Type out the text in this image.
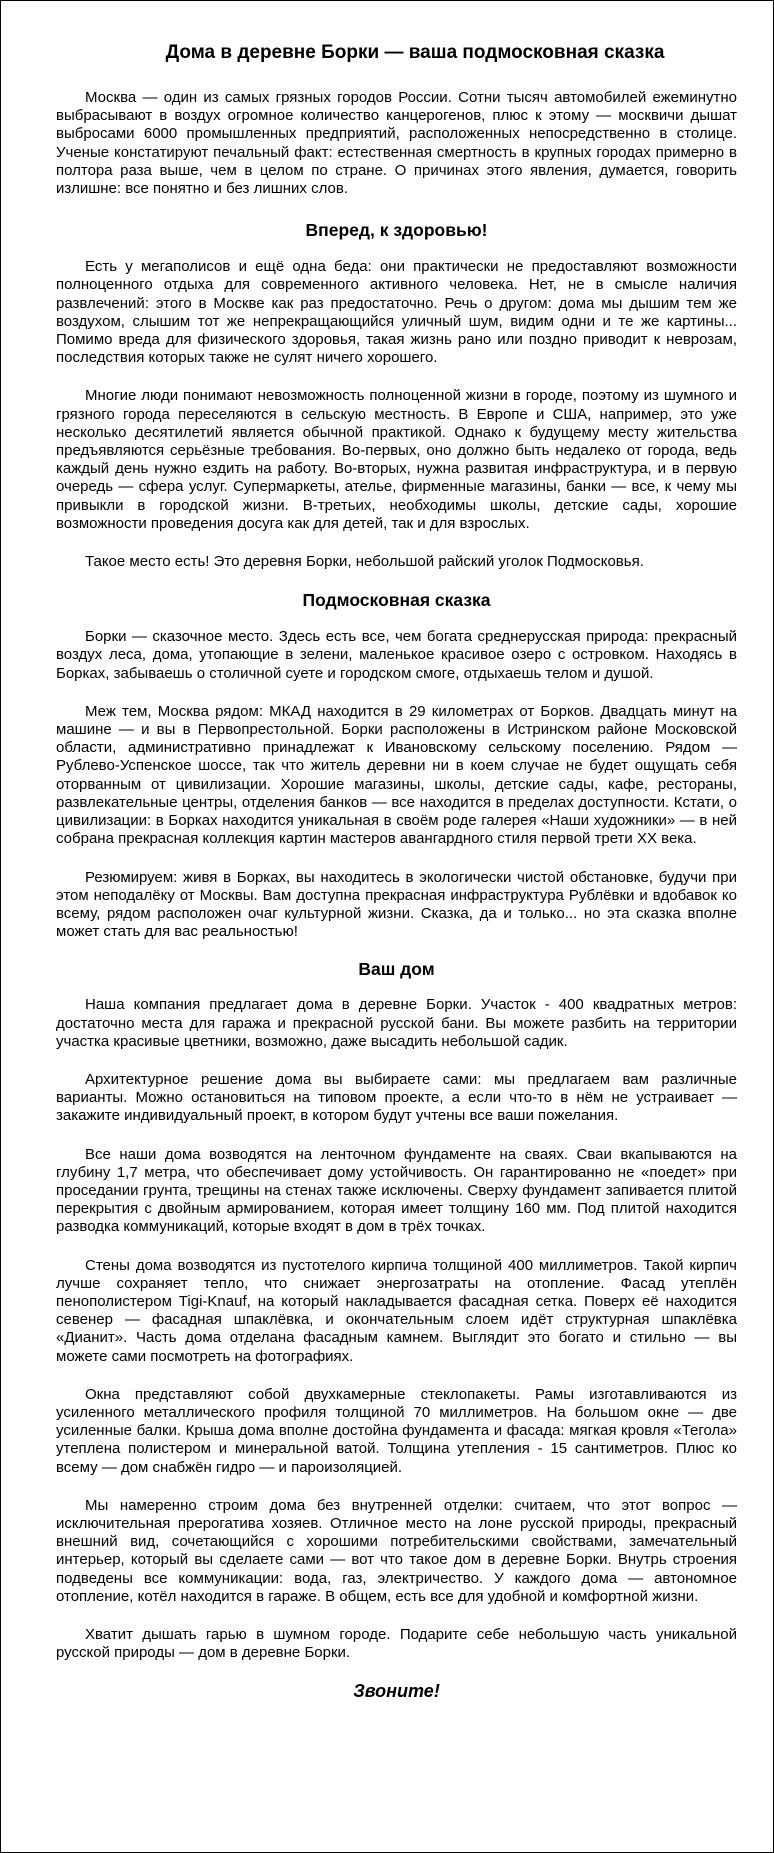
Дома в деревне Борки — ваша подмосковная сказка

Москва — один из самых грязных городов России. Сотни тысяч автомобилей ежеминутно выбрасывают в воздух огромное количество канцерогенов, плюс к этому — москвичи дышат выбросами 6000 промышленных предприятий, расположенных непосредственно в столице. Ученые констатируют печальный факт: естественная смертность в крупных городах примерно в полтора раза выше, чем в целом по стране. О причинах этого явления, думается, говорить излишне: все понятно и без лишних слов.

Вперед, к здоровью!

Есть у мегаполисов и ещё одна беда: они практически не предоставляют возможности полноценного отдыха для современного активного человека. Нет, не в смысле наличия развлечений: этого в Москве как раз предостаточно. Речь о другом: дома мы дышим тем же воздухом, слышим тот же непрекращающийся уличный шум, видим одни и те же картины... Помимо вреда для физического здоровья, такая жизнь рано или поздно приводит к неврозам, последствия которых также не сулят ничего хорошего.

Многие люди понимают невозможность полноценной жизни в городе, поэтому из шумного и грязного города переселяются в сельскую местность. В Европе и США, например, это уже несколько десятилетий является обычной практикой. Однако к будущему месту жительства предъявляются серьёзные требования. Во-первых, оно должно быть недалеко от города, ведь каждый день нужно ездить на работу. Во-вторых, нужна развитая инфраструктура, и в первую очередь — сфера услуг. Супермаркеты, ателье, фирменные магазины, банки — все, к чему мы привыкли в городской жизни. В-третьих, необходимы школы, детские сады, хорошие возможности проведения досуга как для детей, так и для взрослых.

Такое место есть! Это деревня Борки, небольшой райский уголок Подмосковья.

Подмосковная сказка

Борки — сказочное место. Здесь есть все, чем богата среднерусская природа: прекрасный воздух леса, дома, утопающие в зелени, маленькое красивое озеро с островком. Находясь в Борках, забываешь о столичной суете и городском смоге, отдыхаешь телом и душой.

Меж тем, Москва рядом: МКАД находится в 29 километрах от Борков. Двадцать минут на машине — и вы в Первопрестольной. Борки расположены в Истринском районе Московской области, административно принадлежат к Ивановскому сельскому поселению. Рядом — Рублево-Успенское шоссе, так что житель деревни ни в коем случае не будет ощущать себя оторванным от цивилизации. Хорошие магазины, школы, детские сады, кафе, рестораны, развлекательные центры, отделения банков — все находится в пределах доступности. Кстати, о цивилизации: в Борках находится уникальная в своём роде галерея «Наши художники» — в ней собрана прекрасная коллекция картин мастеров авангардного стиля первой трети XX века.

Резюмируем: живя в Борках, вы находитесь в экологически чистой обстановке, будучи при этом неподалёку от Москвы. Вам доступна прекрасная инфраструктура Рублёвки и вдобавок ко всему, рядом расположен очаг культурной жизни. Сказка, да и только... но эта сказка вполне может стать для вас реальностью!

Ваш дом

Наша компания предлагает дома в деревне Борки. Участок - 400 квадратных метров: достаточно места для гаража и прекрасной русской бани. Вы можете разбить на территории участка красивые цветники, возможно, даже высадить небольшой садик.

Архитектурное решение дома вы выбираете сами: мы предлагаем вам различные варианты. Можно остановиться на типовом проекте, а если что-то в нём не устраивает — закажите индивидуальный проект, в котором будут учтены все ваши пожелания.

Все наши дома возводятся на ленточном фундаменте на сваях. Сваи вкапываются на глубину 1,7 метра, что обеспечивает дому устойчивость. Он гарантированно не «поедет» при проседании грунта, трещины на стенах также исключены. Сверху фундамент запивается плитой перекрытия с двойным армированием, которая имеет толщину 160 мм. Под плитой находится разводка коммуникаций, которые входят в дом в трёх точках.

Стены дома возводятся из пустотелого кирпича толщиной 400 миллиметров. Такой кирпич лучше сохраняет тепло, что снижает энергозатраты на отопление. Фасад утеплён пенополистером Tigi-Knauf, на который накладывается фасадная сетка. Поверх её находится севенер — фасадная шпаклёвка, и окончательным слоем идёт структурная шпаклёвка «Дианит». Часть дома отделана фасадным камнем. Выглядит это богато и стильно — вы можете сами посмотреть на фотографиях.

Окна представляют собой двухкамерные стеклопакеты. Рамы изготавливаются из усиленного металлического профиля толщиной 70 миллиметров. На большом окне — две усиленные балки. Крыша дома вполне достойна фундамента и фасада: мягкая кровля «Тегола» утеплена полистером и минеральной ватой. Толщина утепления - 15 сантиметров. Плюс ко всему — дом снабжён гидро — и пароизоляцией.

Мы намеренно строим дома без внутренней отделки: считаем, что этот вопрос — исключительная прерогатива хозяев. Отличное место на лоне русской природы, прекрасный внешний вид, сочетающийся с хорошими потребительскими свойствами, замечательный интерьер, который вы сделаете сами — вот что такое дом в деревне Борки. Внутрь строения подведены все коммуникации: вода, газ, электричество. У каждого дома — автономное отопление, котёл находится в гараже. В общем, есть все для удобной и комфортной жизни.

Хватит дышать гарью в шумном городе. Подарите себе небольшую часть уникальной русской природы — дом в деревне Борки.

Звоните!
